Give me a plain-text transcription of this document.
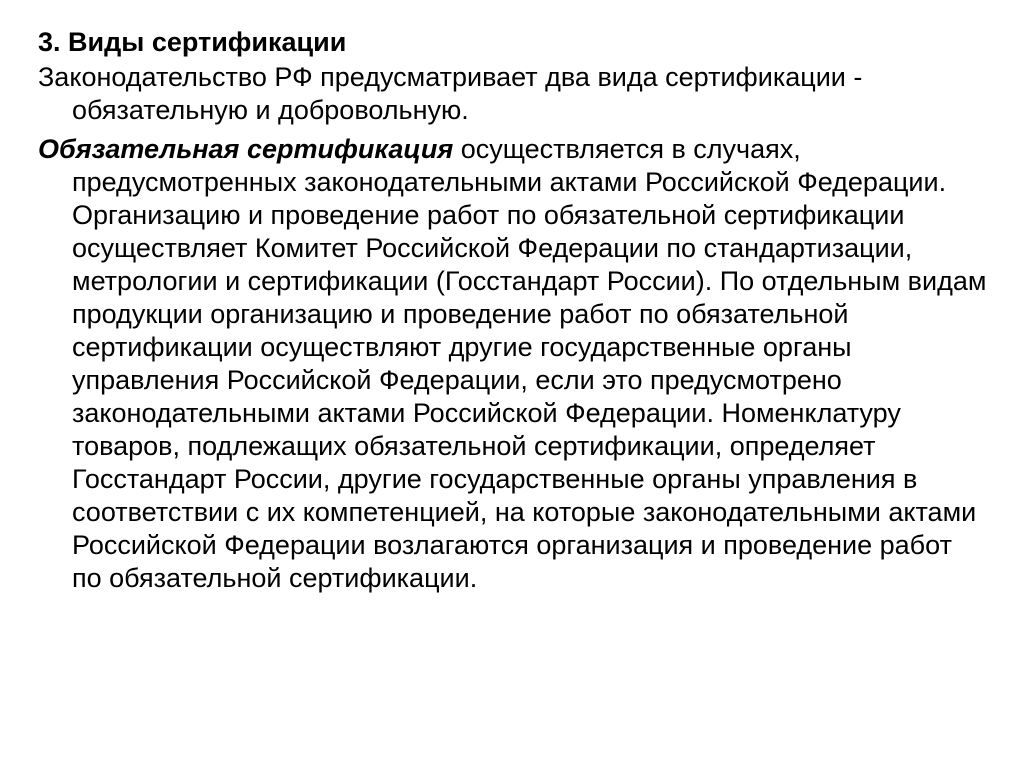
3. Виды сертификации

Законодательство РФ предусматривает два вида сертификации - обязательную и добровольную.

Обязательная сертификация осуществляется в случаях, предусмотренных законодательными актами Российской Федерации. Организацию и проведение работ по обязательной сертификации осуществляет Комитет Российской Федерации по стандартизации, метрологии и сертификации (Госстандарт России). По отдельным видам продукции организацию и проведение работ по обязательной сертификации осуществляют другие государственные органы управления Российской Федерации, если это предусмотрено законодательными актами Российской Федерации. Номенклатуру товаров, подлежащих обязательной сертификации, определяет Госстандарт России, другие государственные органы управления в соответствии с их компетенцией, на которые законодательными актами Российской Федерации возлагаются организация и проведение работ по обязательной сертификации.
